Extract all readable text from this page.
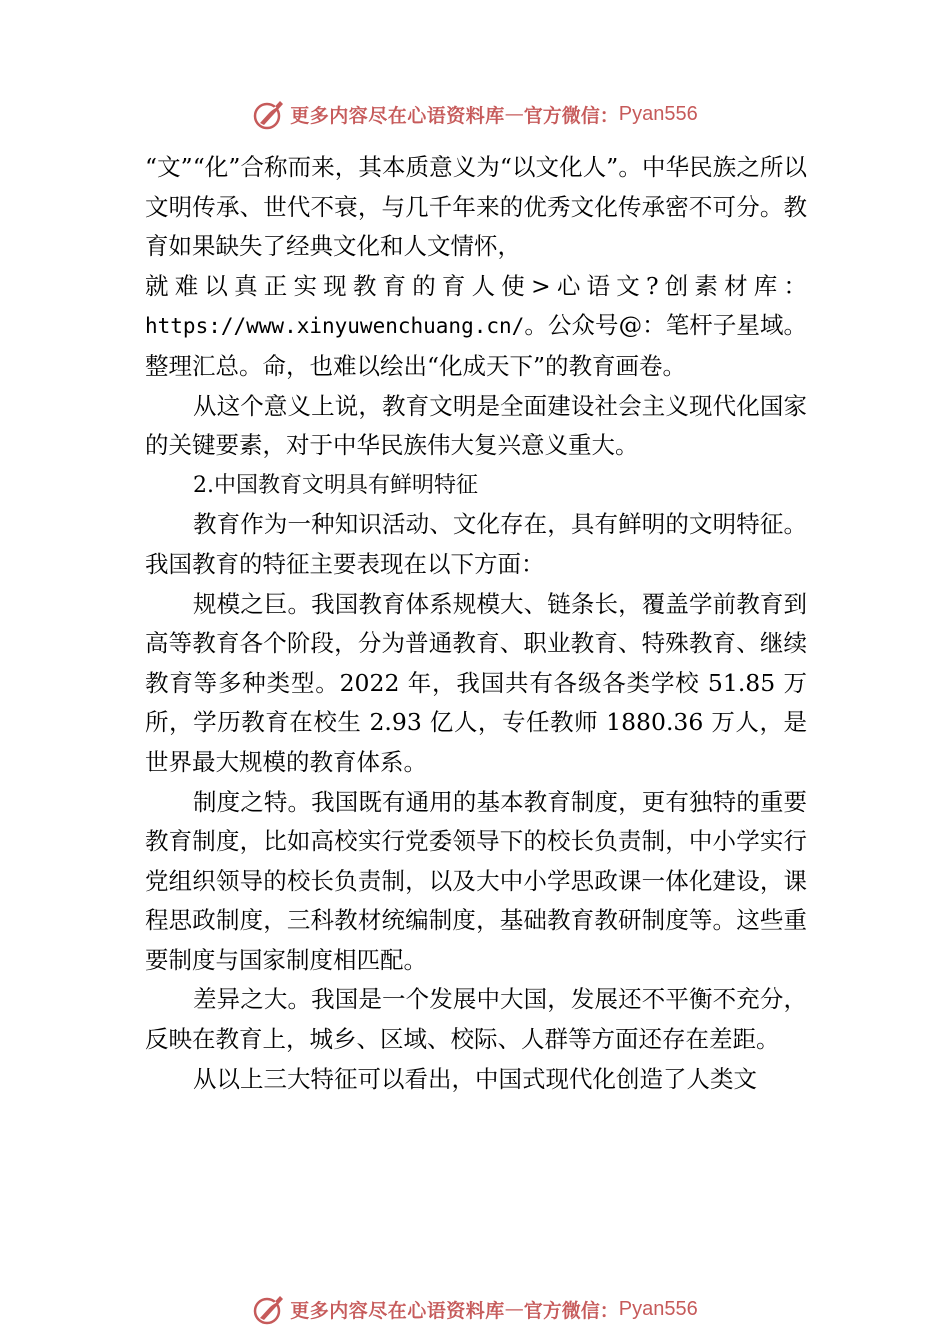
更多内容尽在心语资料库 — 官方微信： Pyan556

“文”“化”合称而来，其本质意义为“以文化人”。中华民族之所以文明传承、世代不衰，与几千年来的优秀文化传承密不可分。教育如果缺失了经典文化和人文情怀，

就难以真正实现教育的育人使>心语文?创素材库：

https://www.xinyuwenchuang.cn/。公众号@：笔杆子星域。整理汇总。命，也难以绘出“化成天下”的教育画卷。

从这个意义上说，教育文明是全面建设社会主义现代化国家的关键要素，对于中华民族伟大复兴意义重大。

2.中国教育文明具有鲜明特征

教育作为一种知识活动、文化存在，具有鲜明的文明特征。我国教育的特征主要表现在以下方面：

规模之巨。我国教育体系规模大、链条长，覆盖学前教育到高等教育各个阶段，分为普通教育、职业教育、特殊教育、继续教育等多种类型。2022 年，我国共有各级各类学校 51.85 万所，学历教育在校生 2.93 亿人，专任教师 1880.36 万人，是世界最大规模的教育体系。

制度之特。我国既有通用的基本教育制度，更有独特的重要教育制度，比如高校实行党委领导下的校长负责制，中小学实行党组织领导的校长负责制，以及大中小学思政课一体化建设，课程思政制度，三科教材统编制度，基础教育教研制度等。这些重要制度与国家制度相匹配。

差异之大。我国是一个发展中大国，发展还不平衡不充分，反映在教育上，城乡、区域、校际、人群等方面还存在差距。

从以上三大特征可以看出，中国式现代化创造了人类文

更多内容尽在心语资料库 — 官方微信： Pyan556
